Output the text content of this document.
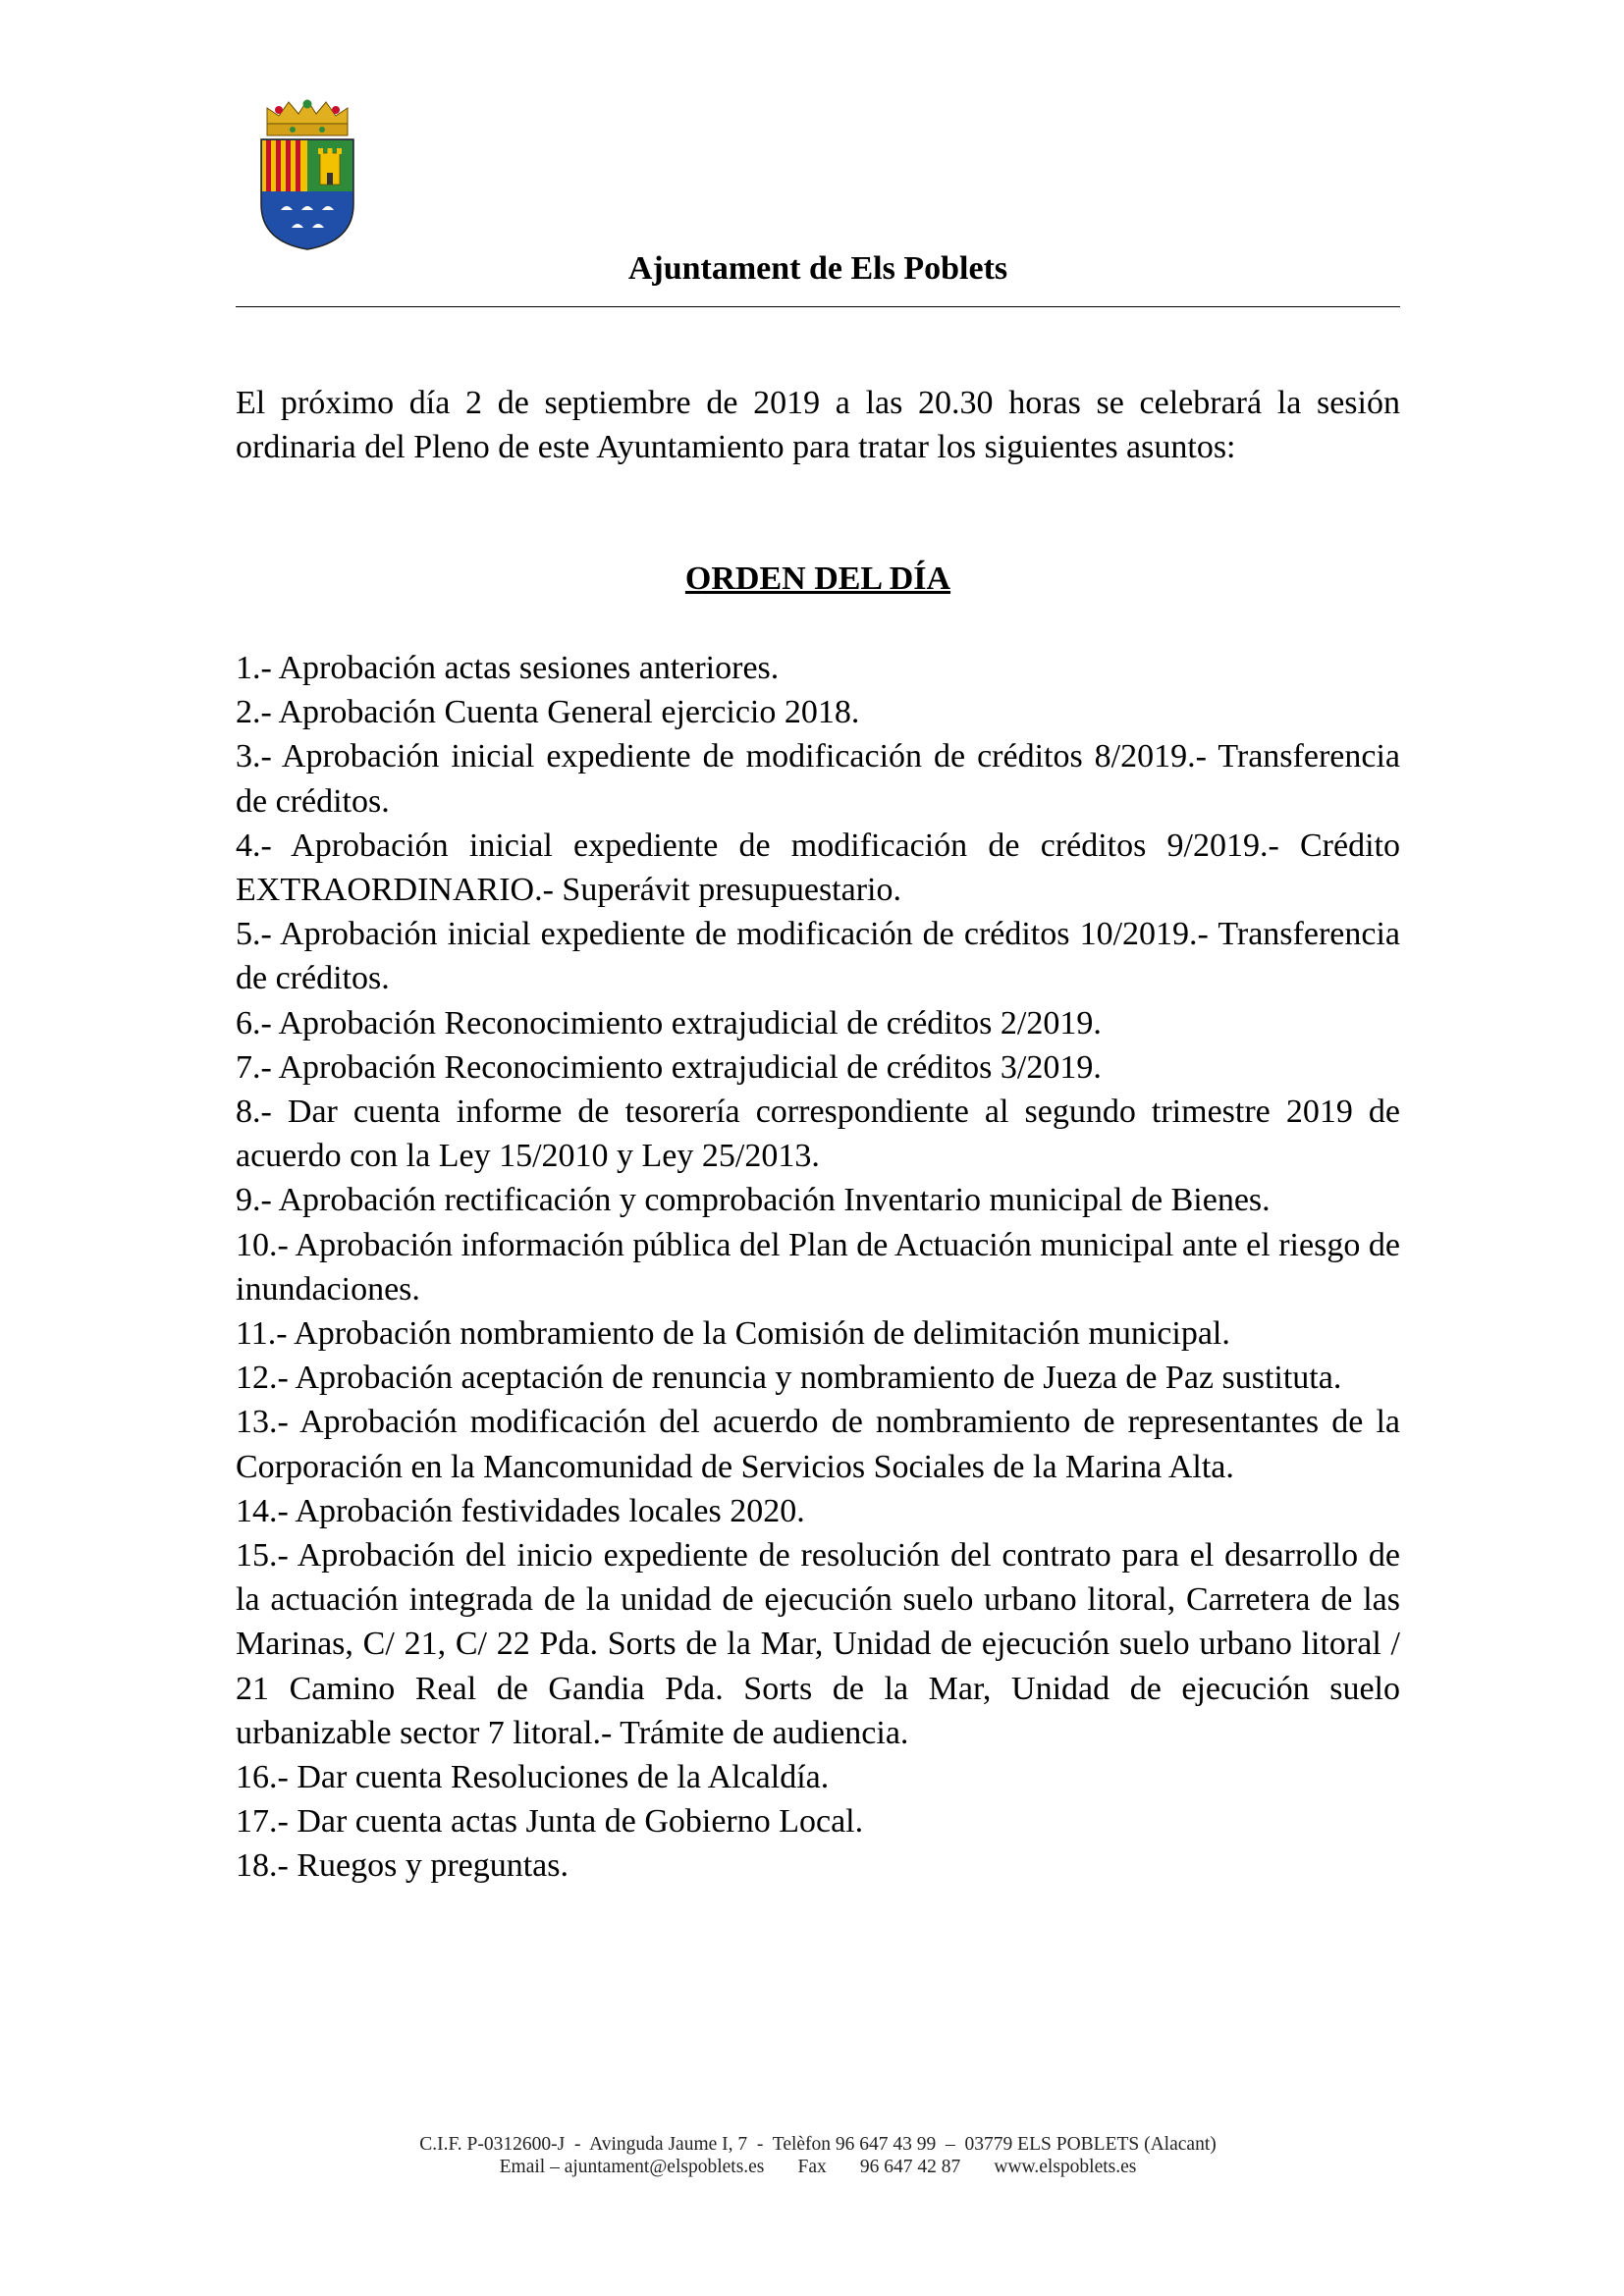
Ajuntament de Els Poblets

El próximo día 2 de septiembre de 2019 a las 20.30 horas se celebrará la sesión ordinaria del Pleno de este Ayuntamiento para tratar los siguientes asuntos:

ORDEN DEL DÍA
1.- Aprobación actas sesiones anteriores.
2.- Aprobación Cuenta General ejercicio 2018.
3.- Aprobación inicial expediente de modificación de créditos 8/2019.- Transferencia de créditos.
4.- Aprobación inicial expediente de modificación de créditos 9/2019.- Crédito EXTRAORDINARIO.- Superávit presupuestario.
5.- Aprobación inicial expediente de modificación de créditos 10/2019.- Transferencia de créditos.
6.- Aprobación Reconocimiento extrajudicial de créditos 2/2019.
7.- Aprobación Reconocimiento extrajudicial de créditos 3/2019.
8.- Dar cuenta informe de tesorería correspondiente al segundo trimestre 2019 de acuerdo con la Ley 15/2010 y Ley 25/2013.
9.- Aprobación rectificación y comprobación Inventario municipal de Bienes.
10.- Aprobación información pública del Plan de Actuación municipal ante el riesgo de inundaciones.
11.- Aprobación nombramiento de la Comisión de delimitación municipal.
12.- Aprobación aceptación de renuncia y nombramiento de Jueza de Paz sustituta.
13.- Aprobación modificación del acuerdo de nombramiento de representantes de la Corporación en la Mancomunidad de Servicios Sociales de la Marina Alta.
14.- Aprobación festividades locales 2020.
15.- Aprobación del inicio expediente de resolución del contrato para el desarrollo de la actuación integrada de la unidad de ejecución suelo urbano litoral, Carretera de las Marinas, C/ 21, C/ 22 Pda. Sorts de la Mar, Unidad de ejecución suelo urbano litoral / 21 Camino Real de Gandia Pda. Sorts de la Mar, Unidad de ejecución suelo urbanizable sector 7 litoral.- Trámite de audiencia.
16.- Dar cuenta Resoluciones de la Alcaldía.
17.- Dar cuenta actas Junta de Gobierno Local.
18.- Ruegos y preguntas.
C.I.F. P-0312600-J  -  Avinguda Jaume I, 7  -  Telèfon 96 647 43 99  –  03779 ELS POBLETS (Alacant)
Email – ajuntament@elspoblets.es       Fax       96 647 42 87       www.elspoblets.es
